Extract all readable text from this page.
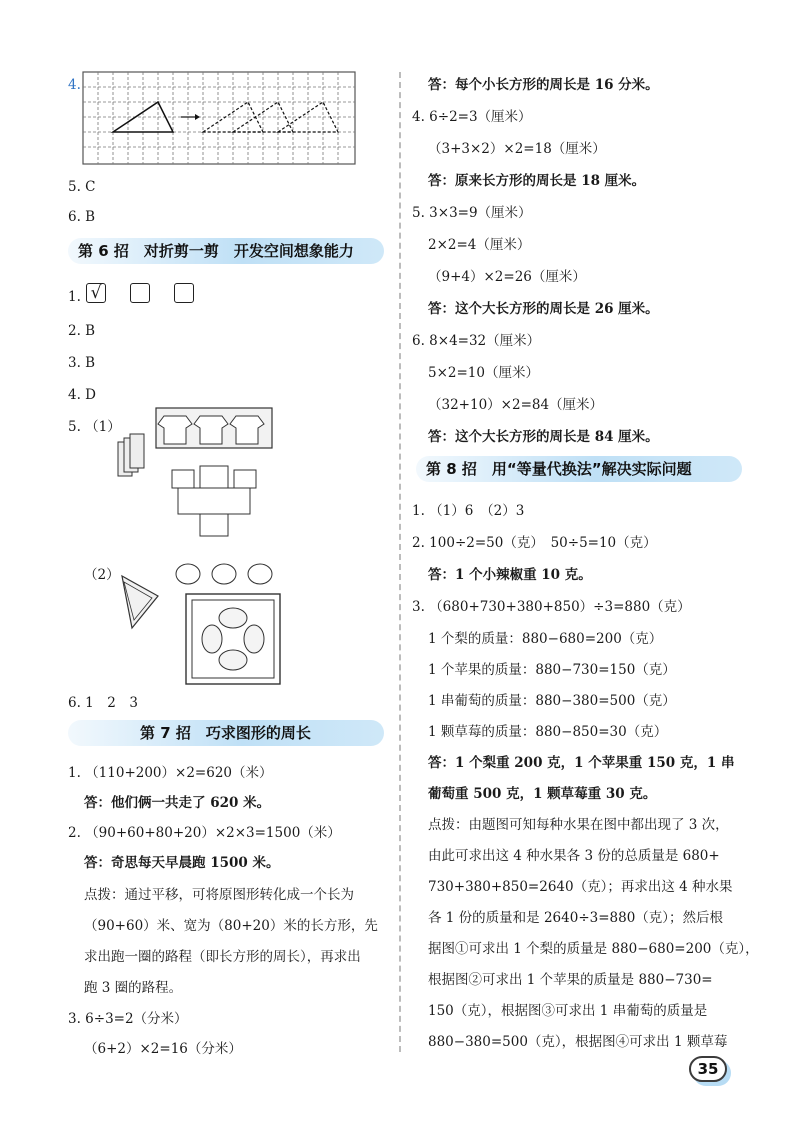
4.
5. C
6. B
第 6 招　对折剪一剪　开发空间想象能力
1. √
2. B
3. B
4. D
5. （1）
（2）
6. 1　2　3
第 7 招　巧求图形的周长
1. （110+200）×2=620（米）
答：他们俩一共走了 620 米。
2. （90+60+80+20）×2×3=1500（米）
答：奇思每天早晨跑 1500 米。
点拨：通过平移，可将原图形转化成一个长为
（90+60）米、宽为（80+20）米的长方形，先
求出跑一圈的路程（即长方形的周长），再求出
跑 3 圈的路程。
3. 6÷3=2（分米）
（6+2）×2=16（分米）
答：每个小长方形的周长是 16 分米。
4. 6÷2=3（厘米）
（3+3×2）×2=18（厘米）
答：原来长方形的周长是 18 厘米。
5. 3×3=9（厘米）
2×2=4（厘米）
（9+4）×2=26（厘米）
答：这个大长方形的周长是 26 厘米。
6. 8×4=32（厘米）
5×2=10（厘米）
（32+10）×2=84（厘米）
答：这个大长方形的周长是 84 厘米。
第 8 招　用“等量代换法”解决实际问题
1. （1）6　（2）3
2. 100÷2=50（克）　50÷5=10（克）
答：1 个小辣椒重 10 克。
3. （680+730+380+850）÷3=880（克）
1 个梨的质量：880−680=200（克）
1 个苹果的质量：880−730=150（克）
1 串葡萄的质量：880−380=500（克）
1 颗草莓的质量：880−850=30（克）
答：1 个梨重 200 克，1 个苹果重 150 克，1 串
葡萄重 500 克，1 颗草莓重 30 克。
点拨：由题图可知每种水果在图中都出现了 3 次，
由此可求出这 4 种水果各 3 份的总质量是 680+
730+380+850=2640（克）；再求出这 4 种水果
各 1 份的质量和是 2640÷3=880（克）；然后根
据图①可求出 1 个梨的质量是 880−680=200（克），
根据图②可求出 1 个苹果的质量是 880−730=
150（克），根据图③可求出 1 串葡萄的质量是
880−380=500（克），根据图④可求出 1 颗草莓
35
